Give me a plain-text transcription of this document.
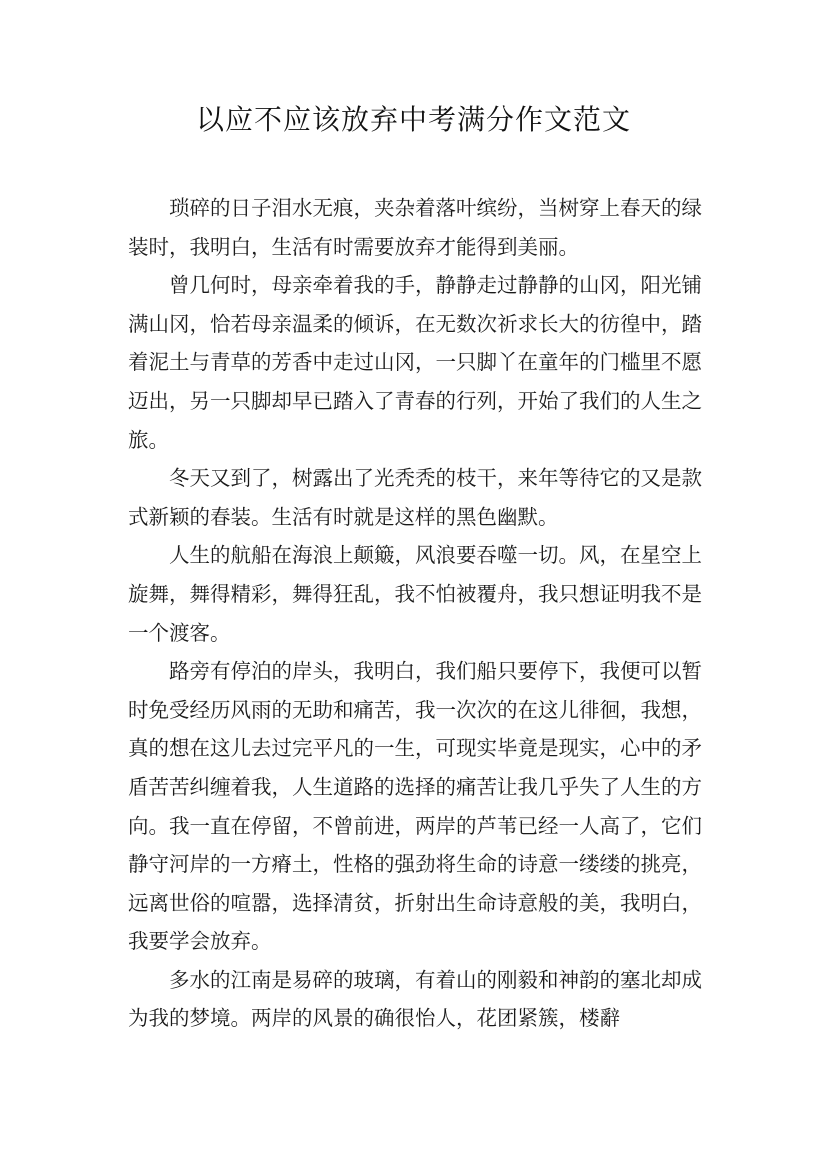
以应不应该放弃中考满分作文范文

琐碎的日子泪水无痕，夹杂着落叶缤纷，当树穿上春天的绿装时，我明白，生活有时需要放弃才能得到美丽。

曾几何时，母亲牵着我的手，静静走过静静的山冈，阳光铺满山冈，恰若母亲温柔的倾诉，在无数次祈求长大的彷徨中，踏着泥土与青草的芳香中走过山冈，一只脚丫在童年的门槛里不愿迈出，另一只脚却早已踏入了青春的行列，开始了我们的人生之旅。

冬天又到了，树露出了光秃秃的枝干，来年等待它的又是款式新颖的春装。生活有时就是这样的黑色幽默。

人生的航船在海浪上颠簸，风浪要吞噬一切。风，在星空上旋舞，舞得精彩，舞得狂乱，我不怕被覆舟，我只想证明我不是一个渡客。

路旁有停泊的岸头，我明白，我们船只要停下，我便可以暂时免受经历风雨的无助和痛苦，我一次次的在这儿徘徊，我想，真的想在这儿去过完平凡的一生，可现实毕竟是现实，心中的矛盾苦苦纠缠着我，人生道路的选择的痛苦让我几乎失了人生的方向。我一直在停留，不曾前进，两岸的芦苇已经一人高了，它们静守河岸的一方瘠土，性格的强劲将生命的诗意一缕缕的挑亮，远离世俗的喧嚣，选择清贫，折射出生命诗意般的美，我明白，我要学会放弃。

多水的江南是易碎的玻璃，有着山的刚毅和神韵的塞北却成为我的梦境。两岸的风景的确很怡人，花团紧簇，楼辭
